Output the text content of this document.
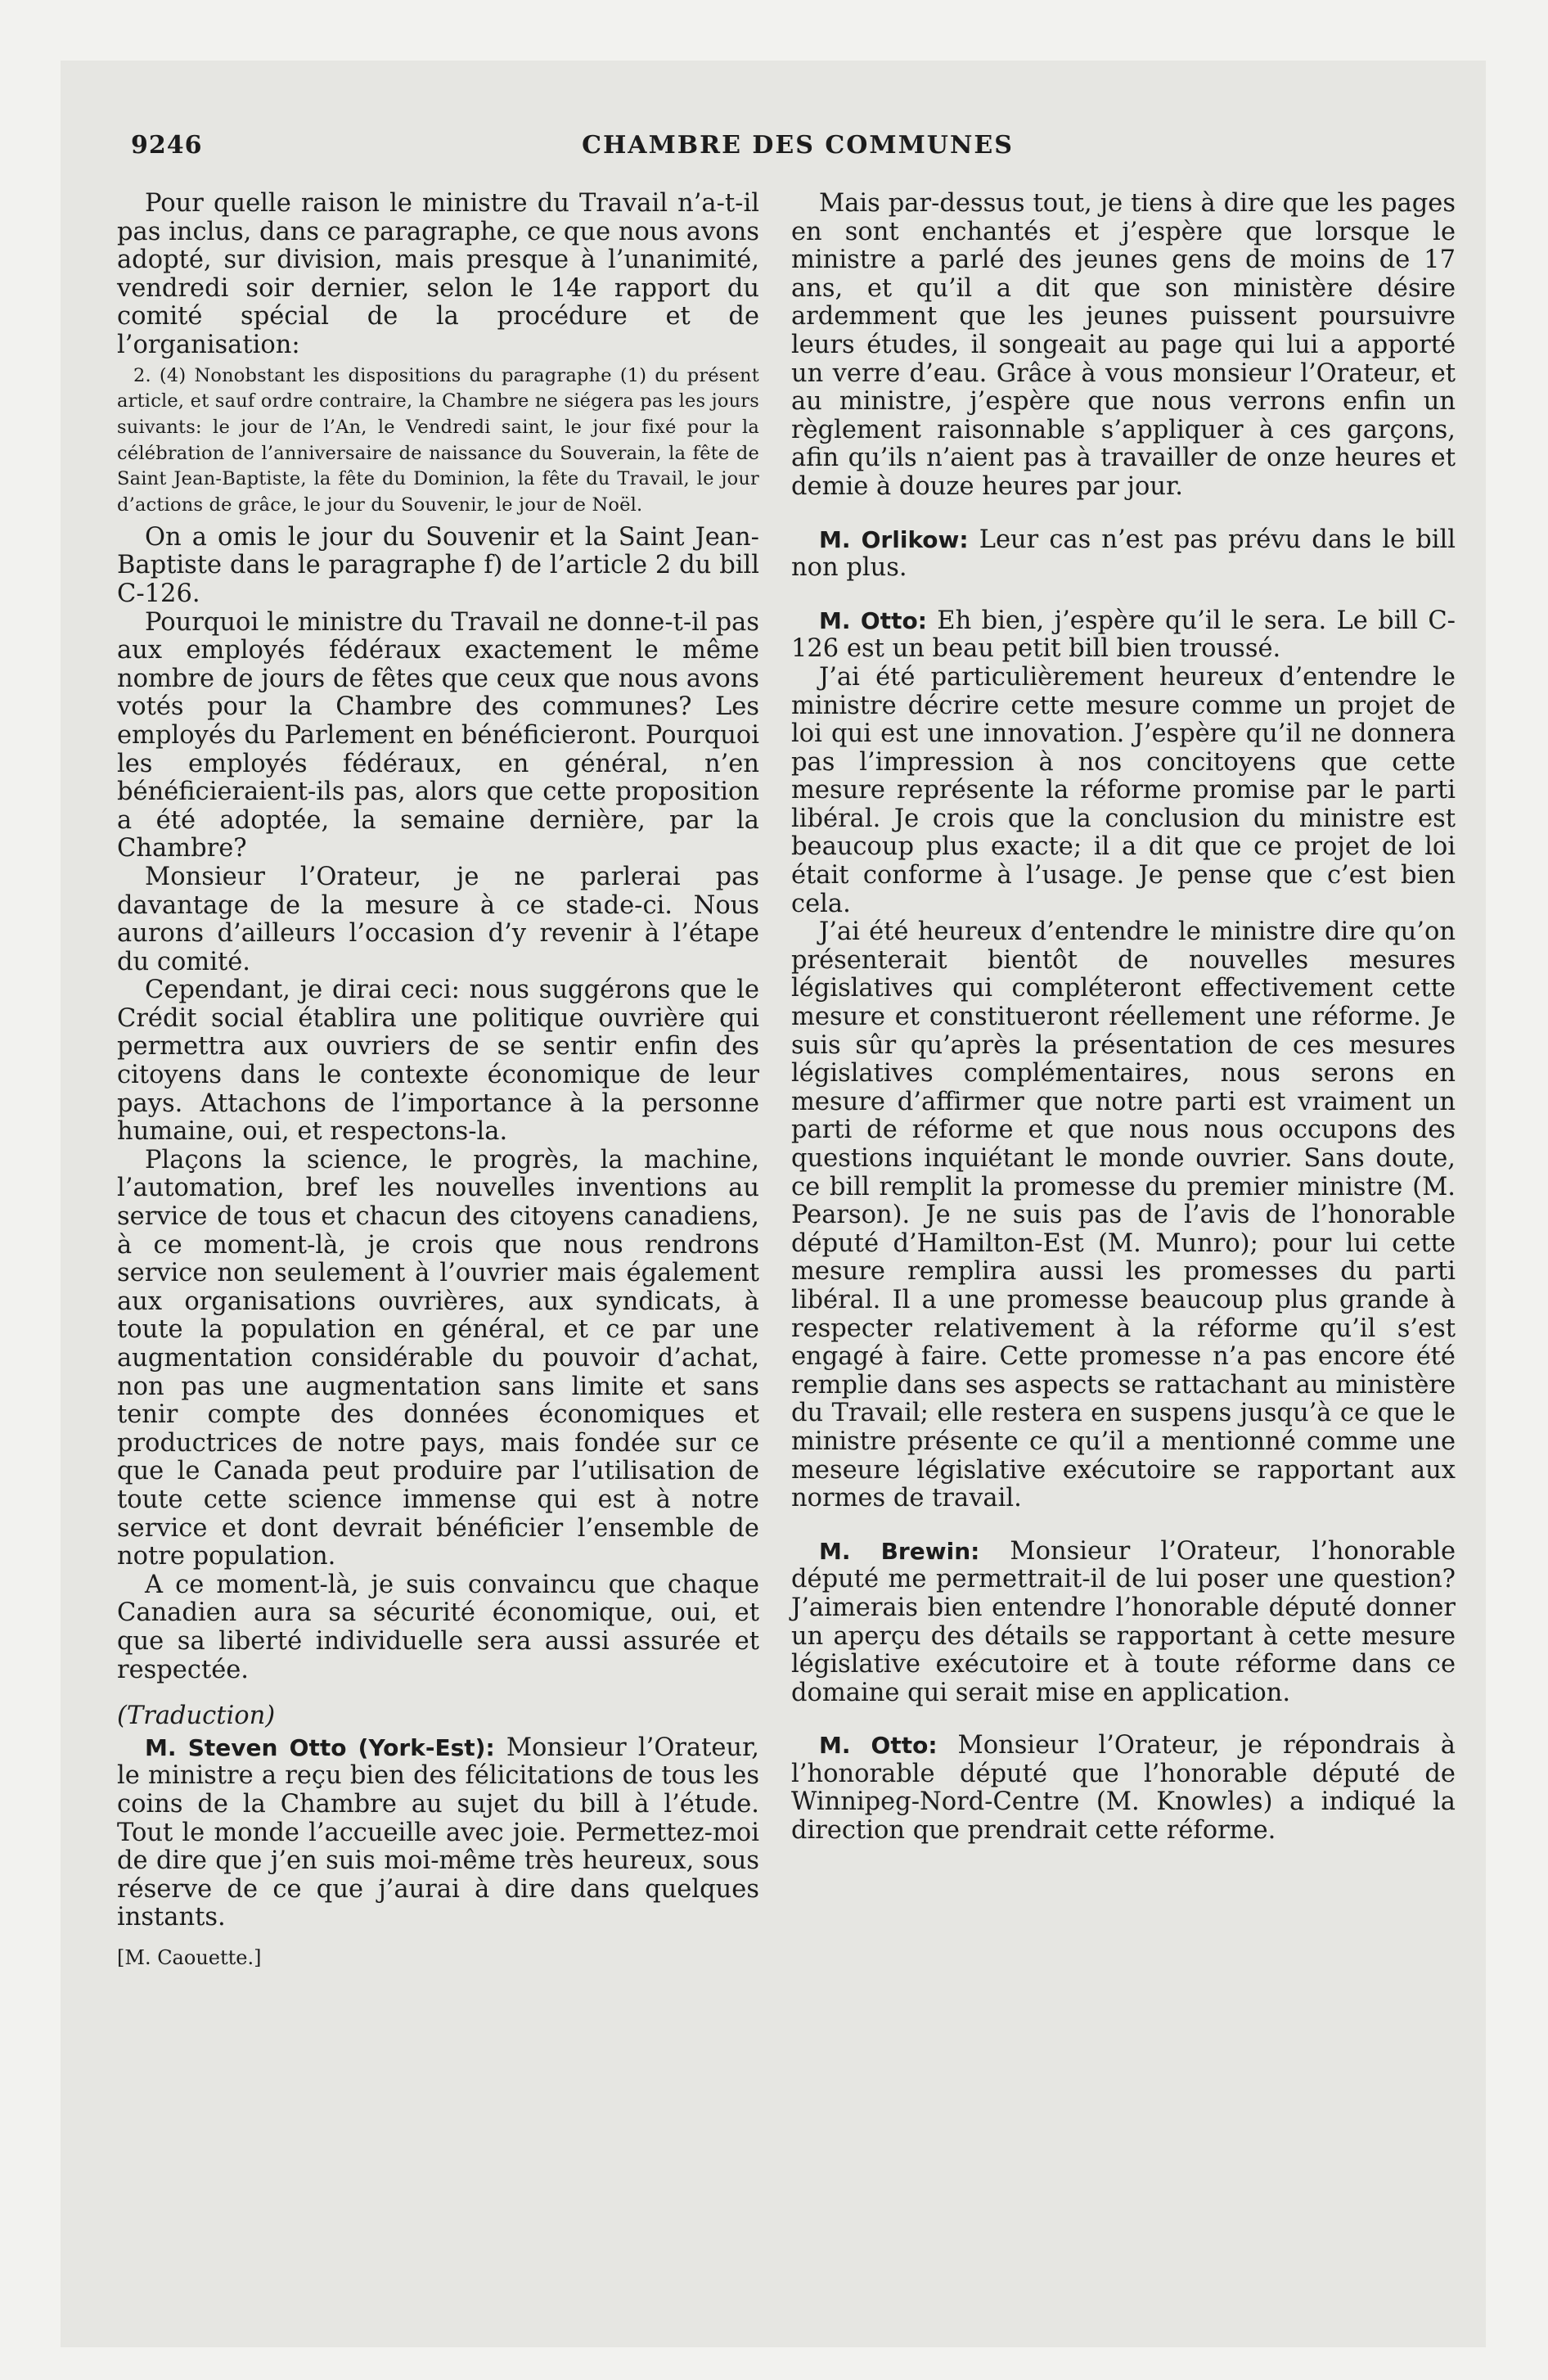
9246	CHAMBRE DES COMMUNES

Pour quelle raison le ministre du Travail n’a-t-il pas inclus, dans ce paragraphe, ce que nous avons adopté, sur division, mais presque à l’unanimité, vendredi soir dernier, selon le 14e rapport du comité spécial de la procédure et de l’organisation:

2. (4) Nonobstant les dispositions du paragraphe (1) du présent article, et sauf ordre contraire, la Chambre ne siégera pas les jours suivants: le jour de l’An, le Vendredi saint, le jour fixé pour la célébration de l’anniversaire de naissance du Souverain, la fête de Saint Jean-Baptiste, la fête du Dominion, la fête du Travail, le jour d’actions de grâce, le jour du Souvenir, le jour de Noël.

On a omis le jour du Souvenir et la Saint Jean-Baptiste dans le paragraphe f) de l’article 2 du bill C-126.

Pourquoi le ministre du Travail ne donne-t-il pas aux employés fédéraux exactement le même nombre de jours de fêtes que ceux que nous avons votés pour la Chambre des communes? Les employés du Parlement en bénéficieront. Pourquoi les employés fédéraux, en général, n’en bénéficieraient-ils pas, alors que cette proposition a été adoptée, la semaine dernière, par la Chambre?

Monsieur l’Orateur, je ne parlerai pas davantage de la mesure à ce stade-ci. Nous aurons d’ailleurs l’occasion d’y revenir à l’étape du comité.

Cependant, je dirai ceci: nous suggérons que le Crédit social établira une politique ouvrière qui permettra aux ouvriers de se sentir enfin des citoyens dans le contexte économique de leur pays. Attachons de l’importance à la personne humaine, oui, et respectons-la.

Plaçons la science, le progrès, la machine, l’automation, bref les nouvelles inventions au service de tous et chacun des citoyens canadiens, à ce moment-là, je crois que nous rendrons service non seulement à l’ouvrier mais également aux organisations ouvrières, aux syndicats, à toute la population en général, et ce par une augmentation considérable du pouvoir d’achat, non pas une augmentation sans limite et sans tenir compte des données économiques et productrices de notre pays, mais fondée sur ce que le Canada peut produire par l’utilisation de toute cette science immense qui est à notre service et dont devrait bénéficier l’ensemble de notre population.

A ce moment-là, je suis convaincu que chaque Canadien aura sa sécurité économique, oui, et que sa liberté individuelle sera aussi assurée et respectée.

(Traduction)

M. Steven Otto (York-Est): Monsieur l’Orateur, le ministre a reçu bien des félicitations de tous les coins de la Chambre au sujet du bill à l’étude. Tout le monde l’accueille avec joie. Permettez-moi de dire que j’en suis moi-même très heureux, sous réserve de ce que j’aurai à dire dans quelques instants.

[M. Caouette.]

Mais par-dessus tout, je tiens à dire que les pages en sont enchantés et j’espère que lorsque le ministre a parlé des jeunes gens de moins de 17 ans, et qu’il a dit que son ministère désire ardemment que les jeunes puissent poursuivre leurs études, il songeait au page qui lui a apporté un verre d’eau. Grâce à vous monsieur l’Orateur, et au ministre, j’espère que nous verrons enfin un règlement raisonnable s’appliquer à ces garçons, afin qu’ils n’aient pas à travailler de onze heures et demie à douze heures par jour.

M. Orlikow: Leur cas n’est pas prévu dans le bill non plus.

M. Otto: Eh bien, j’espère qu’il le sera. Le bill C-126 est un beau petit bill bien troussé.

J’ai été particulièrement heureux d’entendre le ministre décrire cette mesure comme un projet de loi qui est une innovation. J’espère qu’il ne donnera pas l’impression à nos concitoyens que cette mesure représente la réforme promise par le parti libéral. Je crois que la conclusion du ministre est beaucoup plus exacte; il a dit que ce projet de loi était conforme à l’usage. Je pense que c’est bien cela.

J’ai été heureux d’entendre le ministre dire qu’on présenterait bientôt de nouvelles mesures législatives qui compléteront effectivement cette mesure et constitueront réellement une réforme. Je suis sûr qu’après la présentation de ces mesures législatives complémentaires, nous serons en mesure d’affirmer que notre parti est vraiment un parti de réforme et que nous nous occupons des questions inquiétant le monde ouvrier. Sans doute, ce bill remplit la promesse du premier ministre (M. Pearson). Je ne suis pas de l’avis de l’honorable député d’Hamilton-Est (M. Munro); pour lui cette mesure remplira aussi les promesses du parti libéral. Il a une promesse beaucoup plus grande à respecter relativement à la réforme qu’il s’est engagé à faire. Cette promesse n’a pas encore été remplie dans ses aspects se rattachant au ministère du Travail; elle restera en suspens jusqu’à ce que le ministre présente ce qu’il a mentionné comme une meseure législative exécutoire se rapportant aux normes de travail.

M. Brewin: Monsieur l’Orateur, l’honorable député me permettrait-il de lui poser une question? J’aimerais bien entendre l’honorable député donner un aperçu des détails se rapportant à cette mesure législative exécutoire et à toute réforme dans ce domaine qui serait mise en application.

M. Otto: Monsieur l’Orateur, je répondrais à l’honorable député que l’honorable député de Winnipeg-Nord-Centre (M. Knowles) a indiqué la direction que prendrait cette réforme.
